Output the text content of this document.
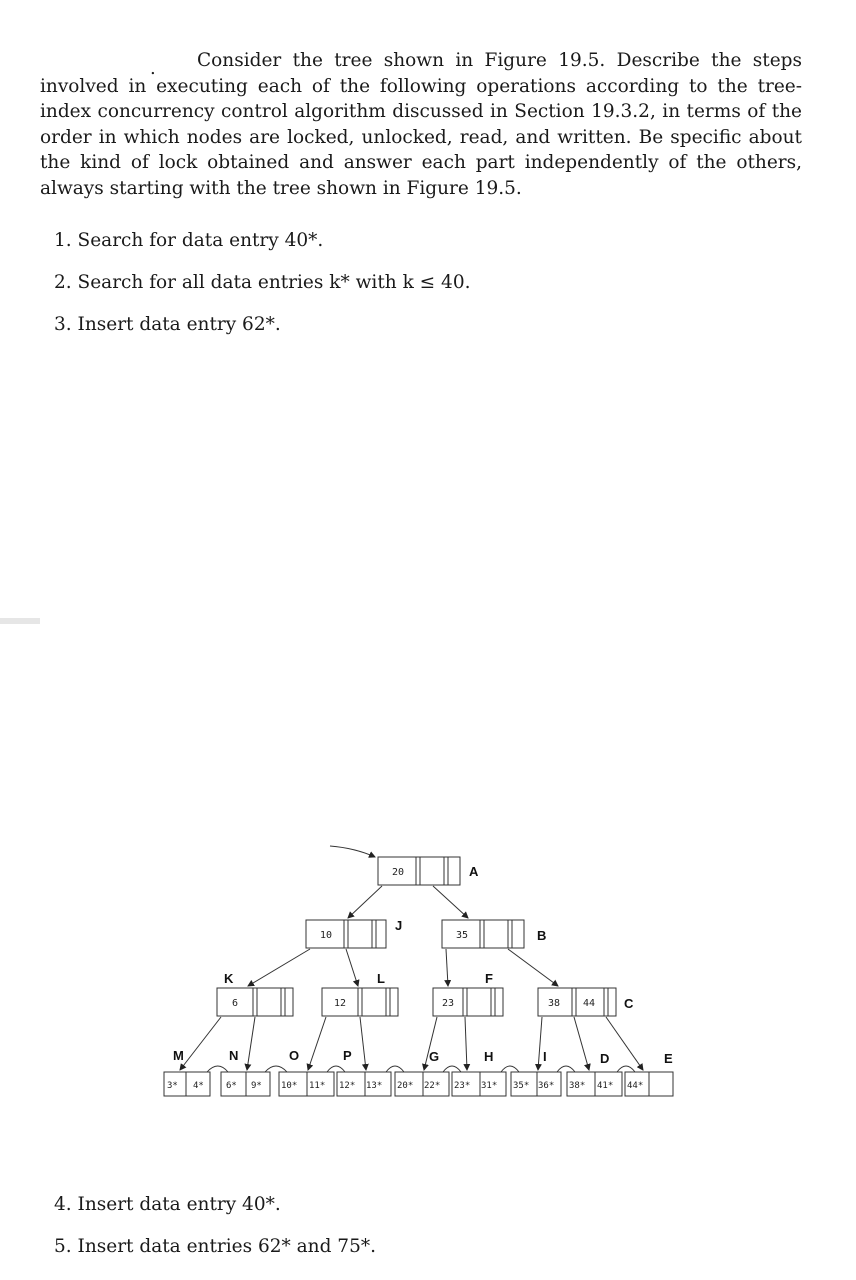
.	Consider the tree shown in Figure 19.5. Describe the steps involved in executing each of the following operations according to the tree-index concurrency control algorithm discussed in Section 19.3.2, in terms of the order in which nodes are locked, unlocked, read, and written. Be specific about the kind of lock obtained and answer each part independently of the others, always starting with the tree shown in Figure 19.5.
1. Search for data entry 40*.
2. Search for all data entries k* with k ≤ 40.
3. Insert data entry 62*.
20
10	35
6	12	23	38 44
3* 4* 6* 9* 10* 11* 12* 13* 20* 22* 23* 31* 35* 36* 38* 41* 44*
A
J
B
K	L	F
C
M	N	O	P	G	H	I	D	E
4. Insert data entry 40*.
5. Insert data entries 62* and 75*.
